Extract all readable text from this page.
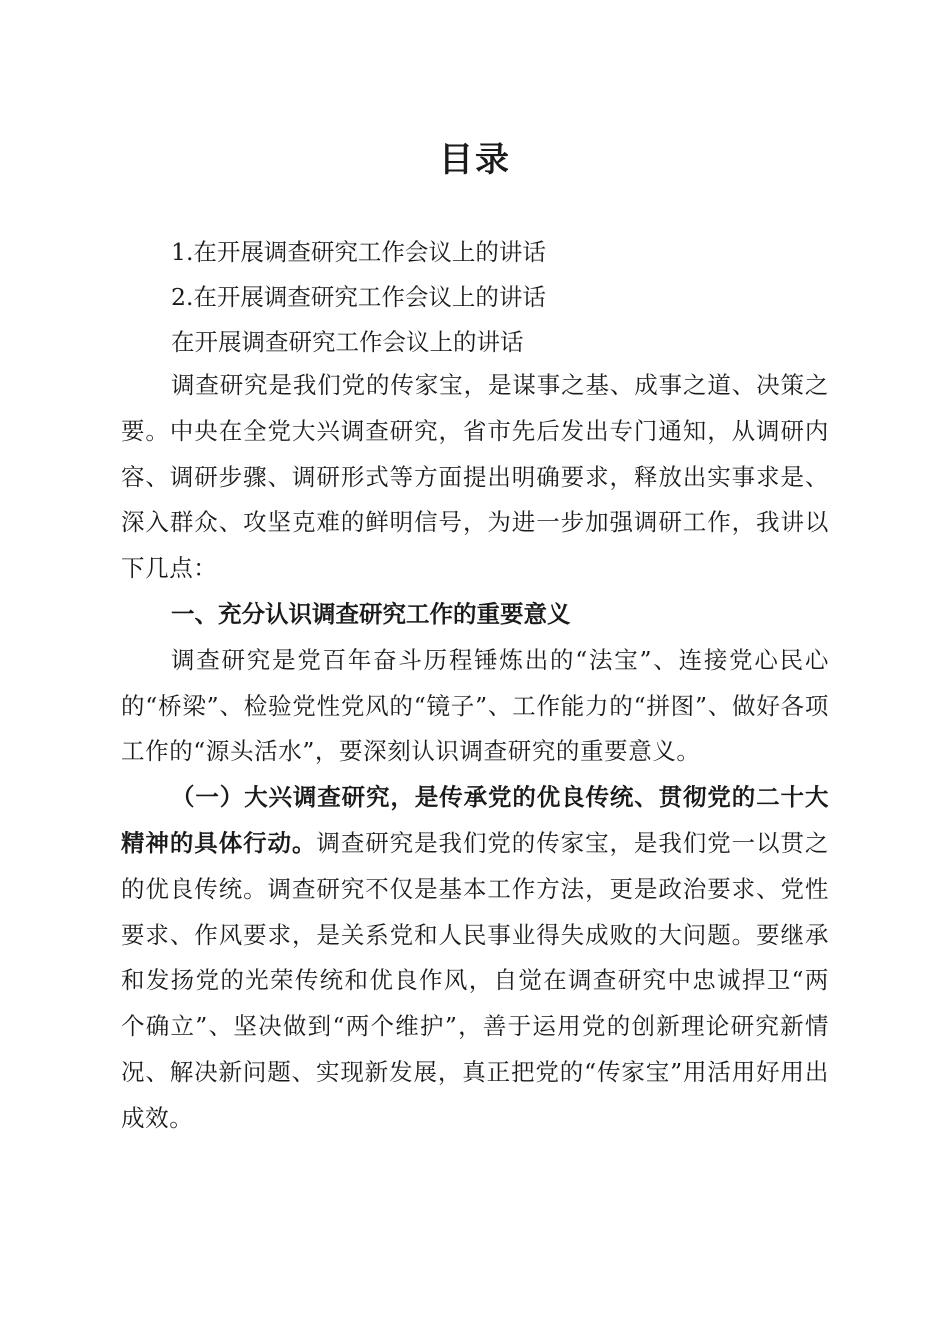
目录
1.在开展调查研究工作会议上的讲话
2.在开展调查研究工作会议上的讲话
在开展调查研究工作会议上的讲话

调查研究是我们党的传家宝，是谋事之基、成事之道、决策之要。中央在全党大兴调查研究，省市先后发出专门通知，从调研内容、调研步骤、调研形式等方面提出明确要求，释放出实事求是、深入群众、攻坚克难的鲜明信号，为进一步加强调研工作，我讲以下几点：

一、充分认识调查研究工作的重要意义

调查研究是党百年奋斗历程锤炼出的“法宝”、连接党心民心的“桥梁”、检验党性党风的“镜子”、工作能力的“拼图”、做好各项工作的“源头活水”，要深刻认识调查研究的重要意义。

（一）大兴调查研究，是传承党的优良传统、贯彻党的二十大精神的具体行动。调查研究是我们党的传家宝，是我们党一以贯之的优良传统。调查研究不仅是基本工作方法，更是政治要求、党性要求、作风要求，是关系党和人民事业得失成败的大问题。要继承和发扬党的光荣传统和优良作风，自觉在调查研究中忠诚捍卫“两个确立”、坚决做到“两个维护”，善于运用党的创新理论研究新情况、解决新问题、实现新发展，真正把党的“传家宝”用活用好用出成效。
